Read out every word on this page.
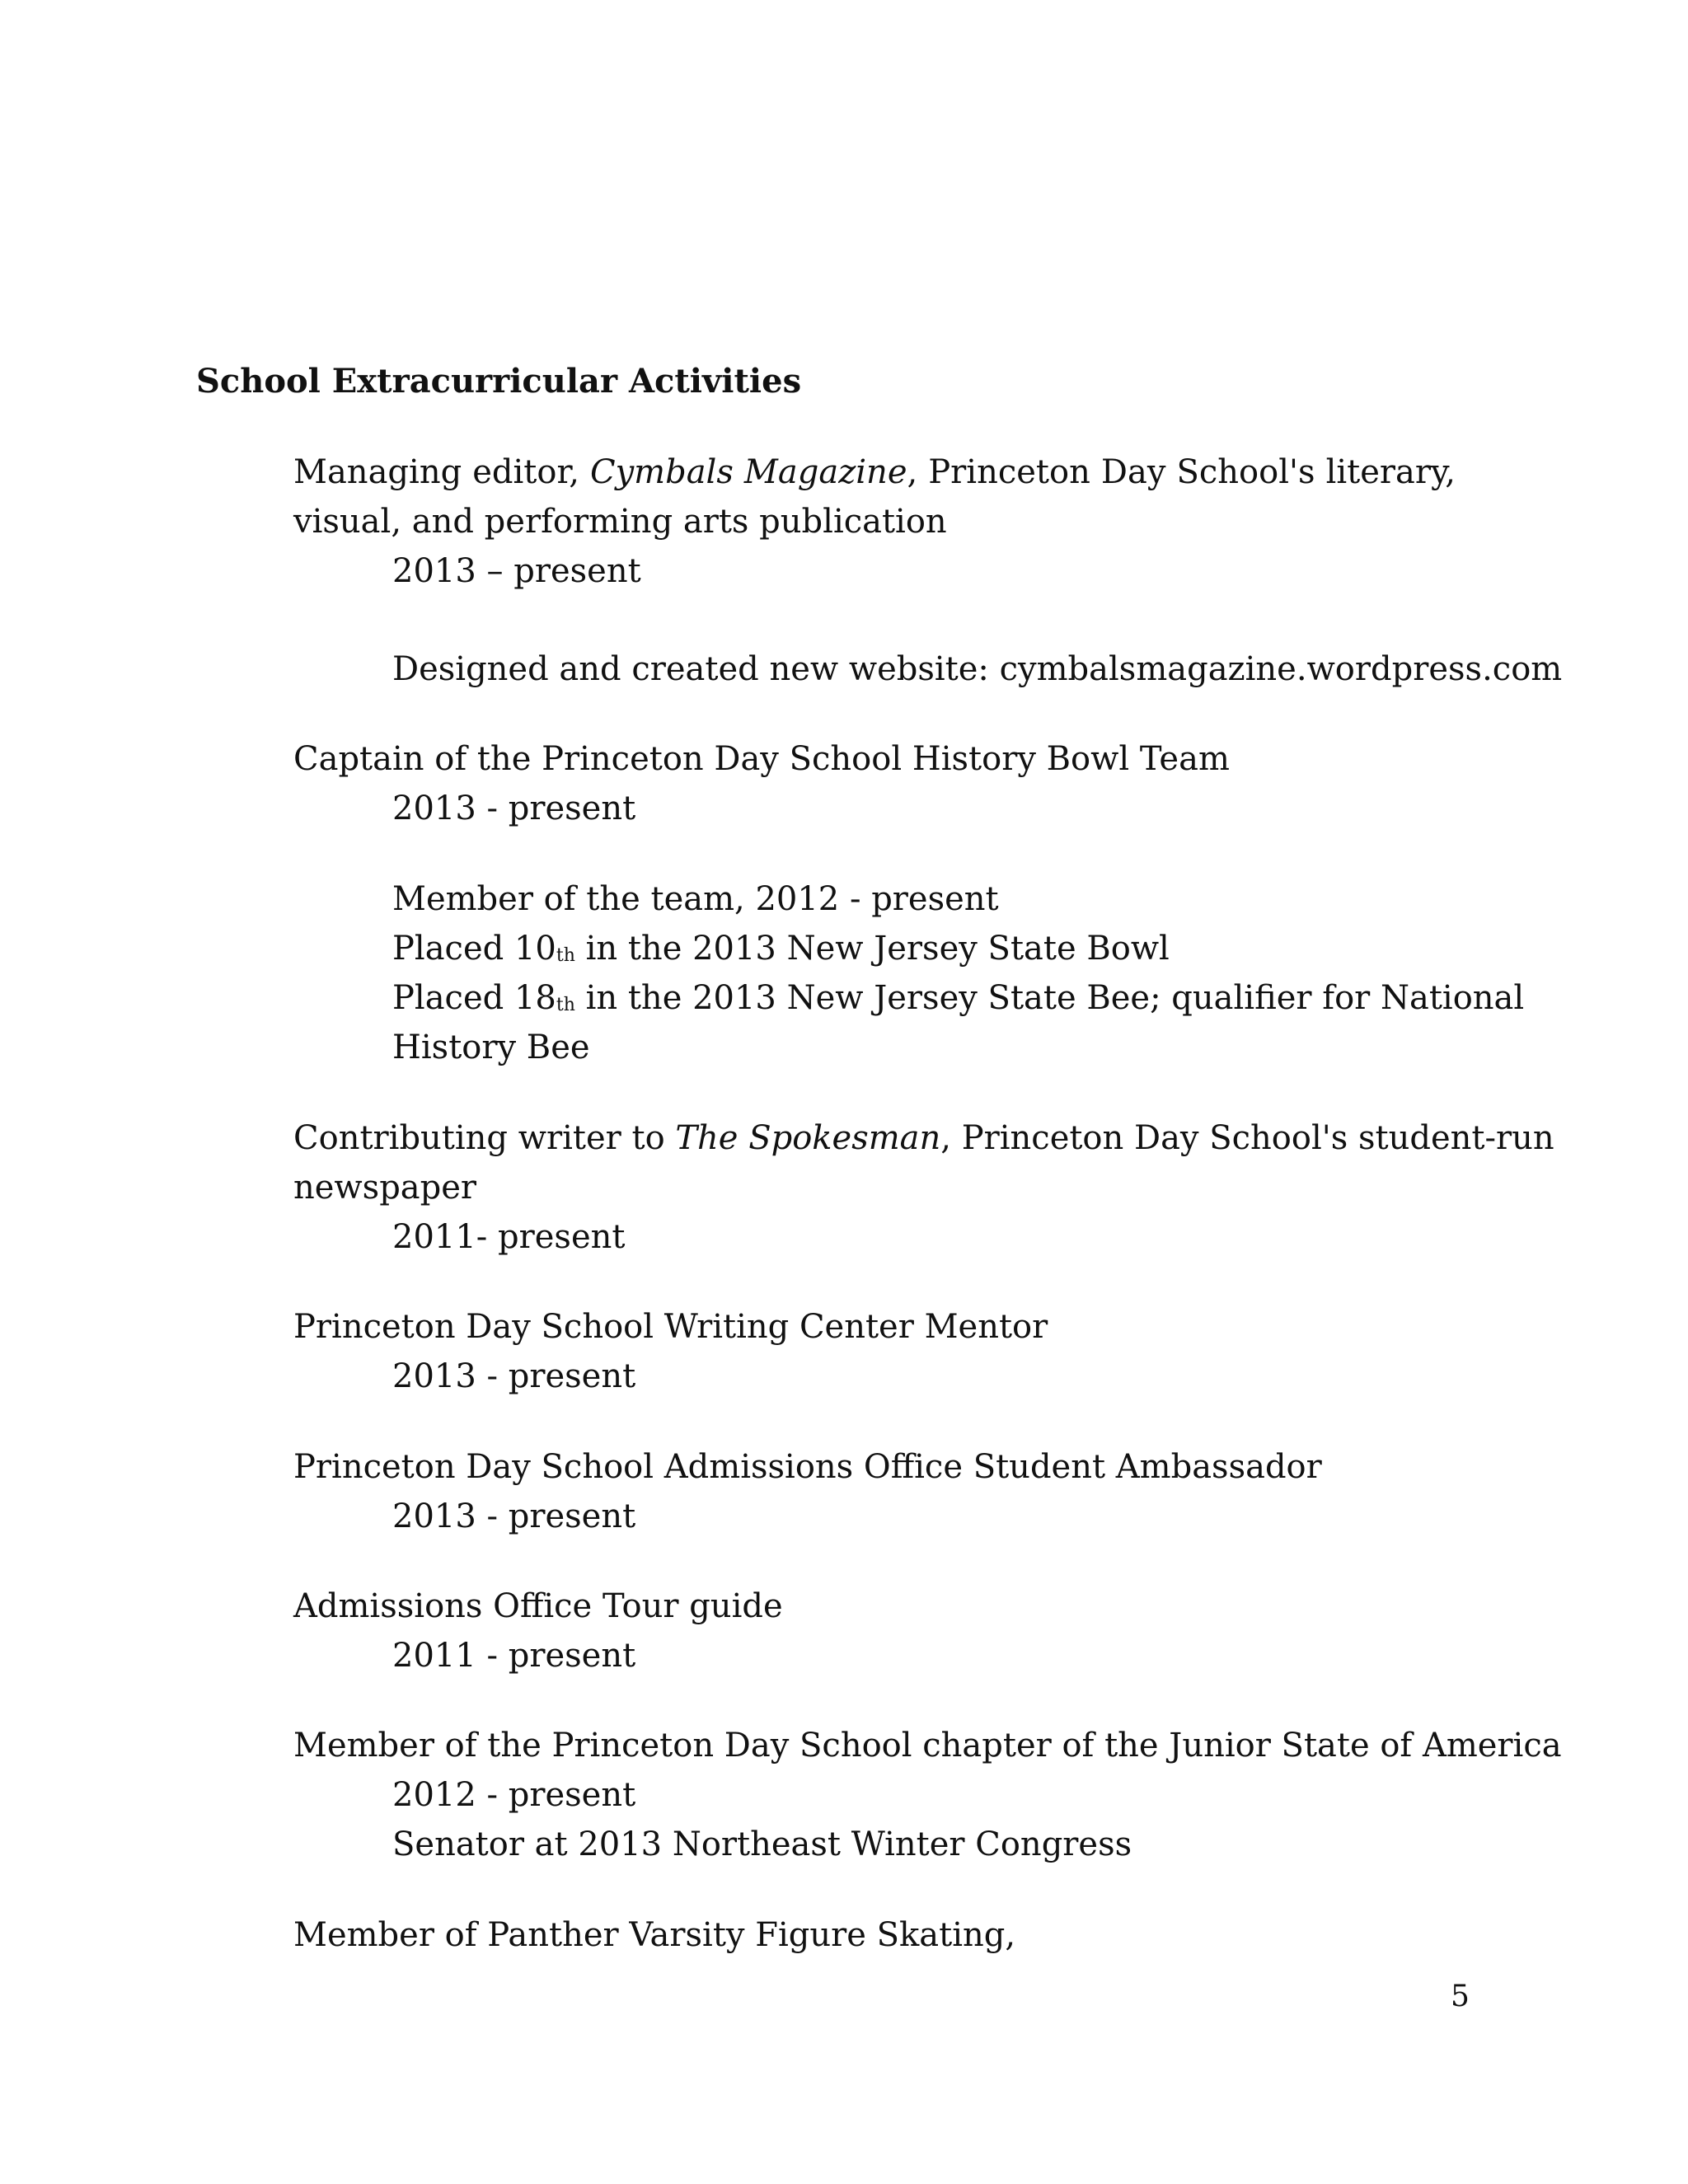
School Extracurricular Activities
Managing editor, Cymbals Magazine, Princeton Day School's literary,
visual, and performing arts publication
2013 – present
Designed and created new website: cymbalsmagazine.wordpress.com
Captain of the Princeton Day School History Bowl Team
2013 - present
Member of the team, 2012 - present
Placed 10th in the 2013 New Jersey State Bowl
Placed 18th in the 2013 New Jersey State Bee; qualifier for National
History Bee
Contributing writer to The Spokesman, Princeton Day School's student-run
newspaper
2011- present
Princeton Day School Writing Center Mentor
2013 - present
Princeton Day School Admissions Office Student Ambassador
2013 - present
Admissions Office Tour guide
2011 - present
Member of the Princeton Day School chapter of the Junior State of America
2012 - present
Senator at 2013 Northeast Winter Congress
Member of Panther Varsity Figure Skating,
5
